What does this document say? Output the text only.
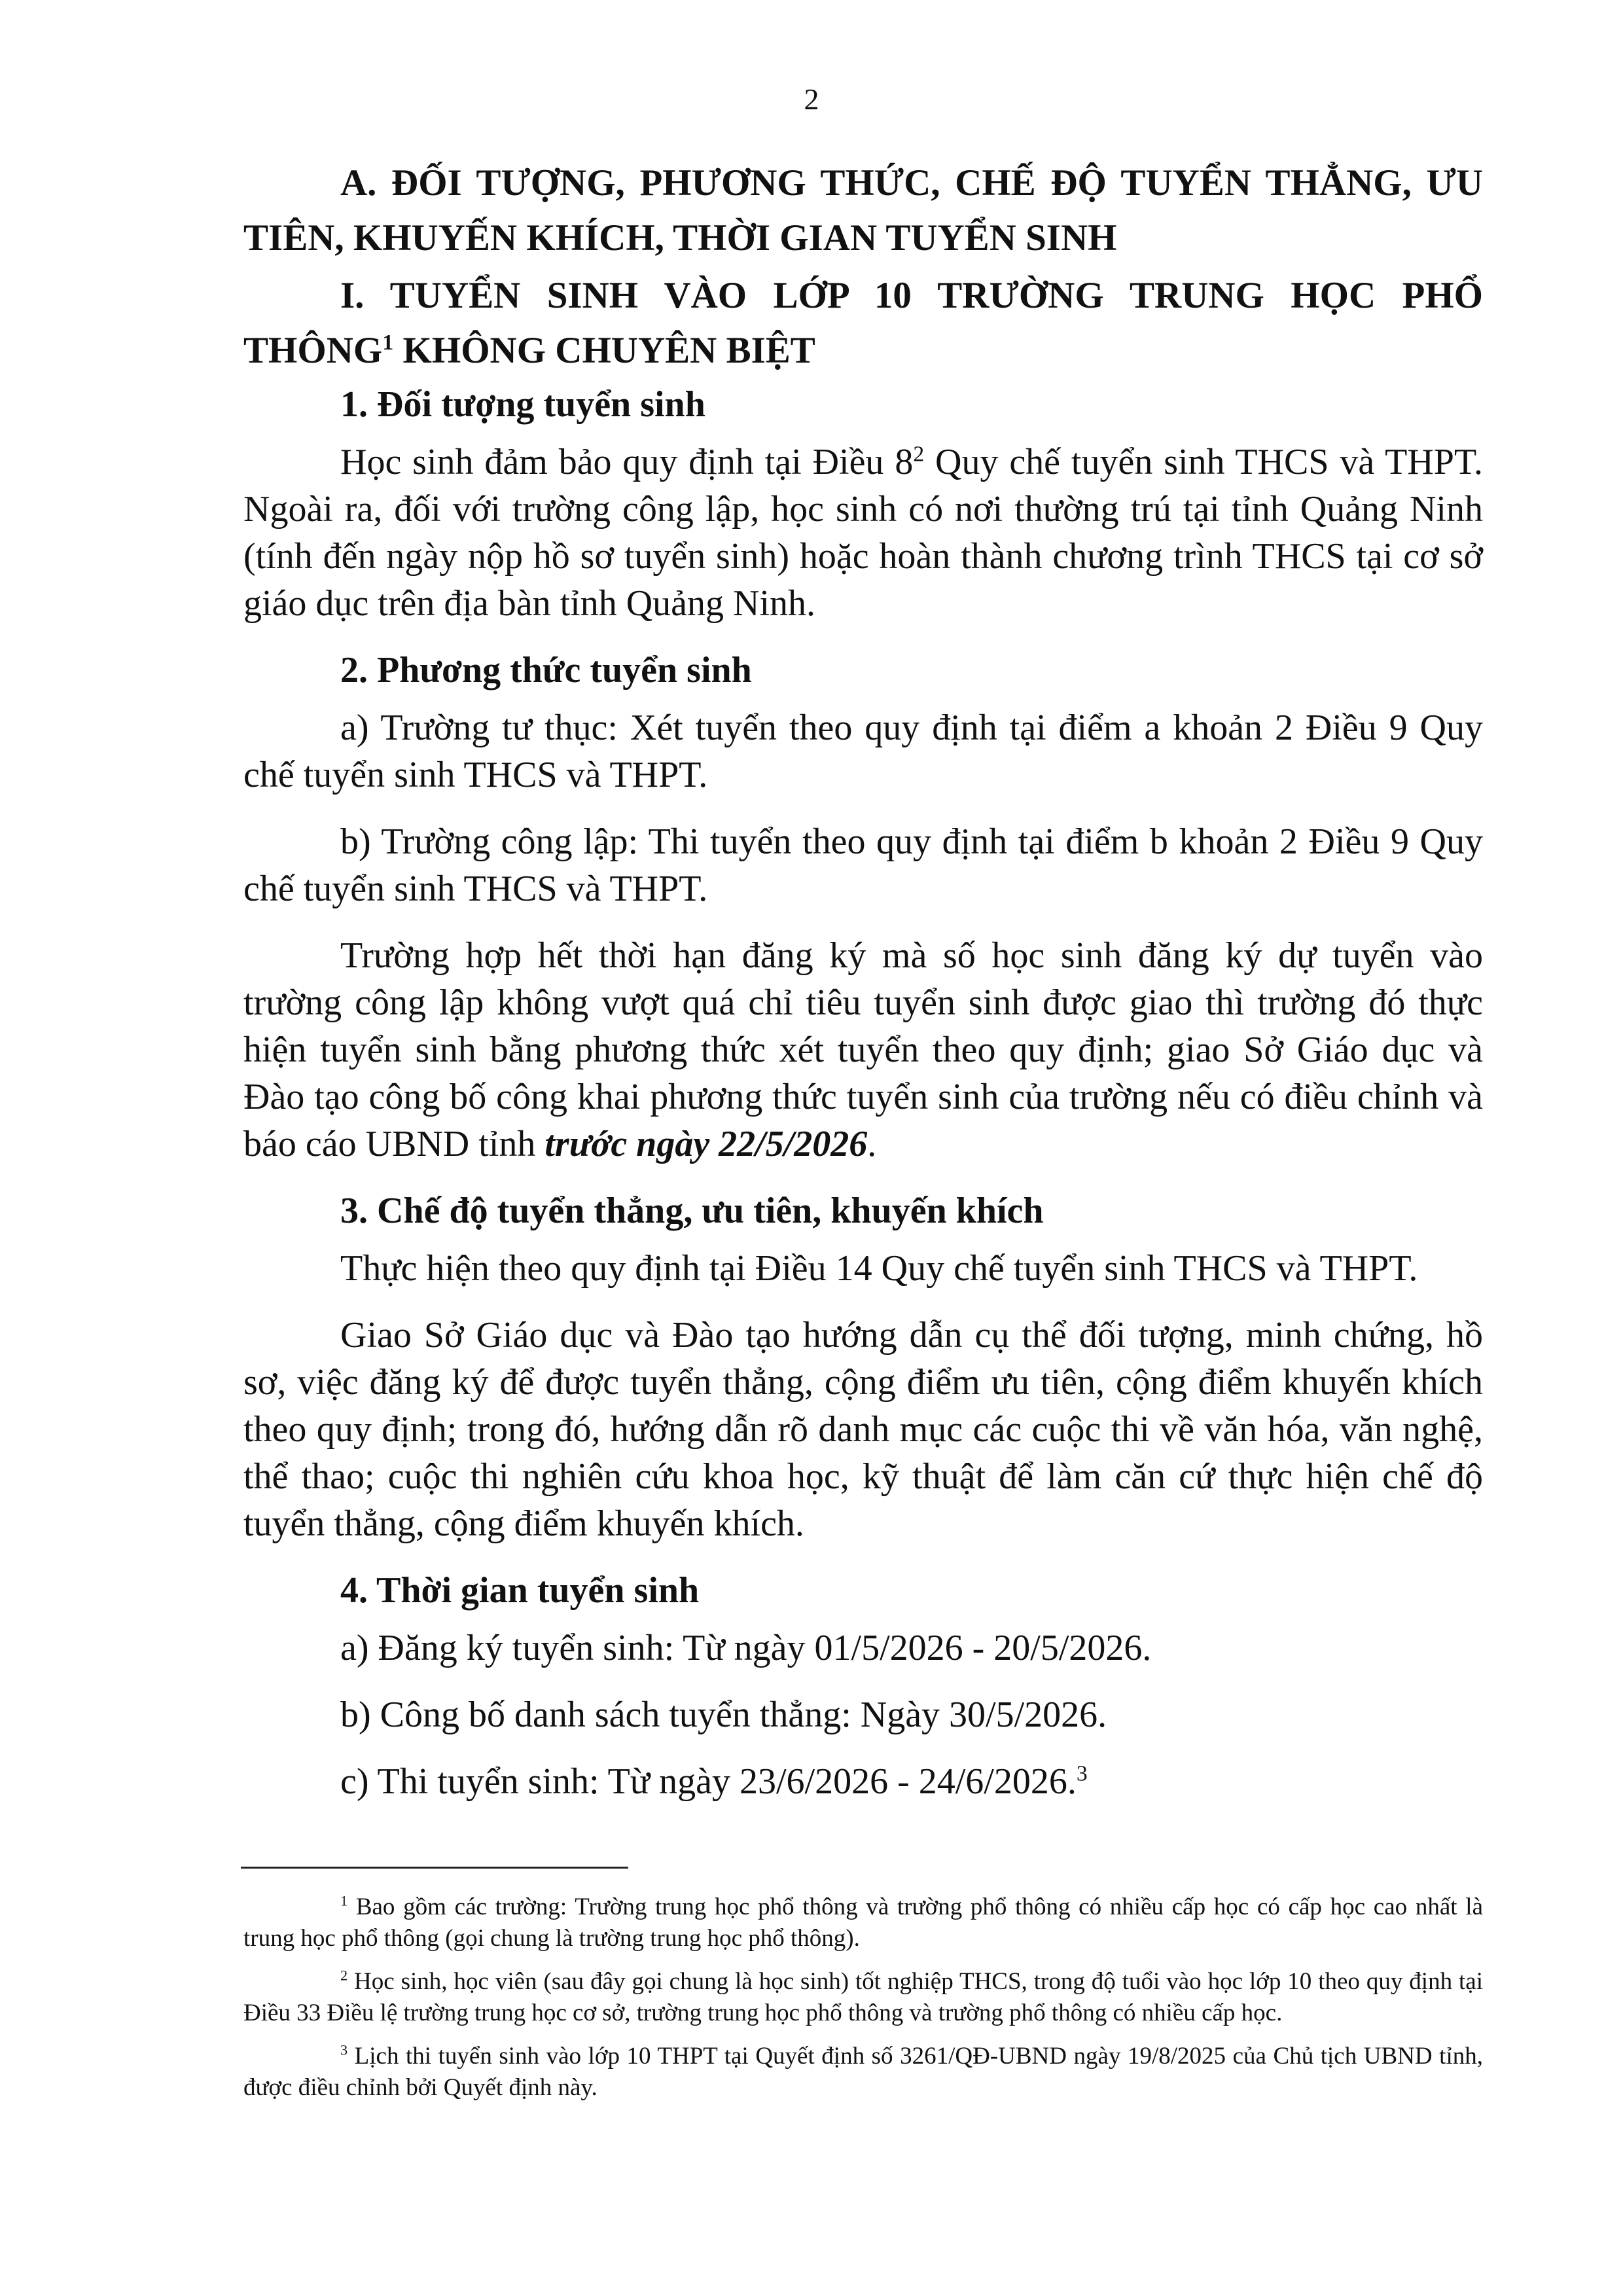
2
A. ĐỐI TƯỢNG, PHƯƠNG THỨC, CHẾ ĐỘ TUYỂN THẲNG, ƯU TIÊN, KHUYẾN KHÍCH, THỜI GIAN TUYỂN SINH
I. TUYỂN SINH VÀO LỚP 10 TRƯỜNG TRUNG HỌC PHỔ THÔNG$^1$ KHÔNG CHUYÊN BIỆT
1. Đối tượng tuyển sinh
Học sinh đảm bảo quy định tại Điều $8^2$ Quy chế tuyển sinh THCS và THPT. Ngoài ra, đối với trường công lập, học sinh có nơi thường trú tại tỉnh Quảng Ninh (tính đến ngày nộp hồ sơ tuyển sinh) hoặc hoàn thành chương trình THCS tại cơ sở giáo dục trên địa bàn tỉnh Quảng Ninh.
2. Phương thức tuyển sinh
a) Trường tư thục: Xét tuyển theo quy định tại điểm a khoản 2 Điều 9 Quy chế tuyển sinh THCS và THPT.
b) Trường công lập: Thi tuyển theo quy định tại điểm b khoản 2 Điều 9 Quy chế tuyển sinh THCS và THPT.
Trường hợp hết thời hạn đăng ký mà số học sinh đăng ký dự tuyển vào trường công lập không vượt quá chỉ tiêu tuyển sinh được giao thì trường đó thực hiện tuyển sinh bằng phương thức xét tuyển theo quy định; giao Sở Giáo dục và Đào tạo công bố công khai phương thức tuyển sinh của trường nếu có điều chỉnh và báo cáo UBND tỉnh trước ngày 22/5/2026.
3. Chế độ tuyển thẳng, ưu tiên, khuyến khích
Thực hiện theo quy định tại Điều 14 Quy chế tuyển sinh THCS và THPT.
Giao Sở Giáo dục và Đào tạo hướng dẫn cụ thể đối tượng, minh chứng, hồ sơ, việc đăng ký để được tuyển thẳng, cộng điểm ưu tiên, cộng điểm khuyến khích theo quy định; trong đó, hướng dẫn rõ danh mục các cuộc thi về văn hóa, văn nghệ, thể thao; cuộc thi nghiên cứu khoa học, kỹ thuật để làm căn cứ thực hiện chế độ tuyển thẳng, cộng điểm khuyến khích.
4. Thời gian tuyển sinh
a) Đăng ký tuyển sinh: Từ ngày 01/5/2026 - 20/5/2026.
b) Công bố danh sách tuyển thẳng: Ngày 30/5/2026.
c) Thi tuyển sinh: Từ ngày 23/6/2026 - 24/6/2026.$^3$
$^1$ Bao gồm các trường: Trường trung học phổ thông và trường phổ thông có nhiều cấp học có cấp học cao nhất là trung học phổ thông (gọi chung là trường trung học phổ thông).
$^2$ Học sinh, học viên (sau đây gọi chung là học sinh) tốt nghiệp THCS, trong độ tuổi vào học lớp 10 theo quy định tại Điều 33 Điều lệ trường trung học cơ sở, trường trung học phổ thông và trường phổ thông có nhiều cấp học.
$^3$ Lịch thi tuyển sinh vào lớp 10 THPT tại Quyết định số 3261/QĐ-UBND ngày 19/8/2025 của Chủ tịch UBND tỉnh, được điều chỉnh bởi Quyết định này.
